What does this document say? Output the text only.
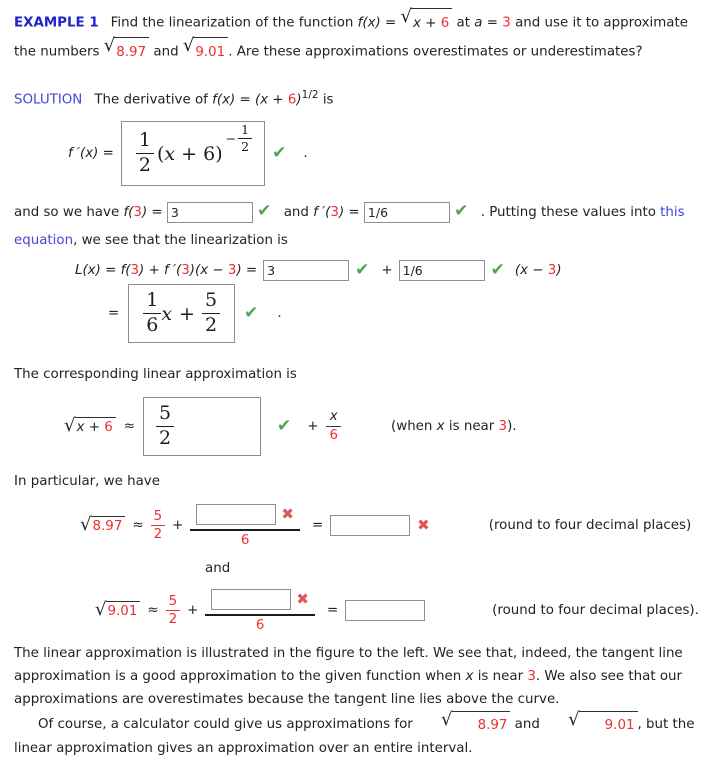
EXAMPLE 1 Find the linearization of the function f(x) = √ x + 6 at a = 3 and use it to approximate the numbers √ 8.97 and √ 9.01 . Are these approximations overestimates or underestimates?

SOLUTION The derivative of $f(x) = (x + 6)^{1/2}$ is

f $'(x) = \frac{1}{2} (x + 6)$
− $\frac{1}{2}$ ✔ .

and so we have f(3) = 3	✔ and f ′(3) = 1/6	✔ . Putting these values into this equation, we see that the linearization is

L(x) = f(3) + f ′(3)(x − 3) =
3	✔ +
1/6	✔ (x − 3)
= $\frac{1}{6}$ $x + \frac{5}{2}$ ✔ .

The corresponding linear approximation is

√ $x + 6 \approx \frac{5}{2}$	✔ + $\frac{x}{6}$	(when x is near 3).

In particular, we have

√ $8.97 \approx \frac{5}{2}$ +
✖
6
=	✖	(round to four decimal places)
and
√ $9.01 \approx \frac{5}{2}$ +
✖
6
=	(round to four decimal places).

The linear approximation is illustrated in the figure to the left. We see that, indeed, the tangent line approximation is a good approximation to the given function when x is near 3. We also see that our approximations are overestimates because the tangent line lies above the curve.

Of course, a calculator could give us approximations for	√	8.97 and	√	9.01 , but the linear approximation gives an approximation over an entire interval.
